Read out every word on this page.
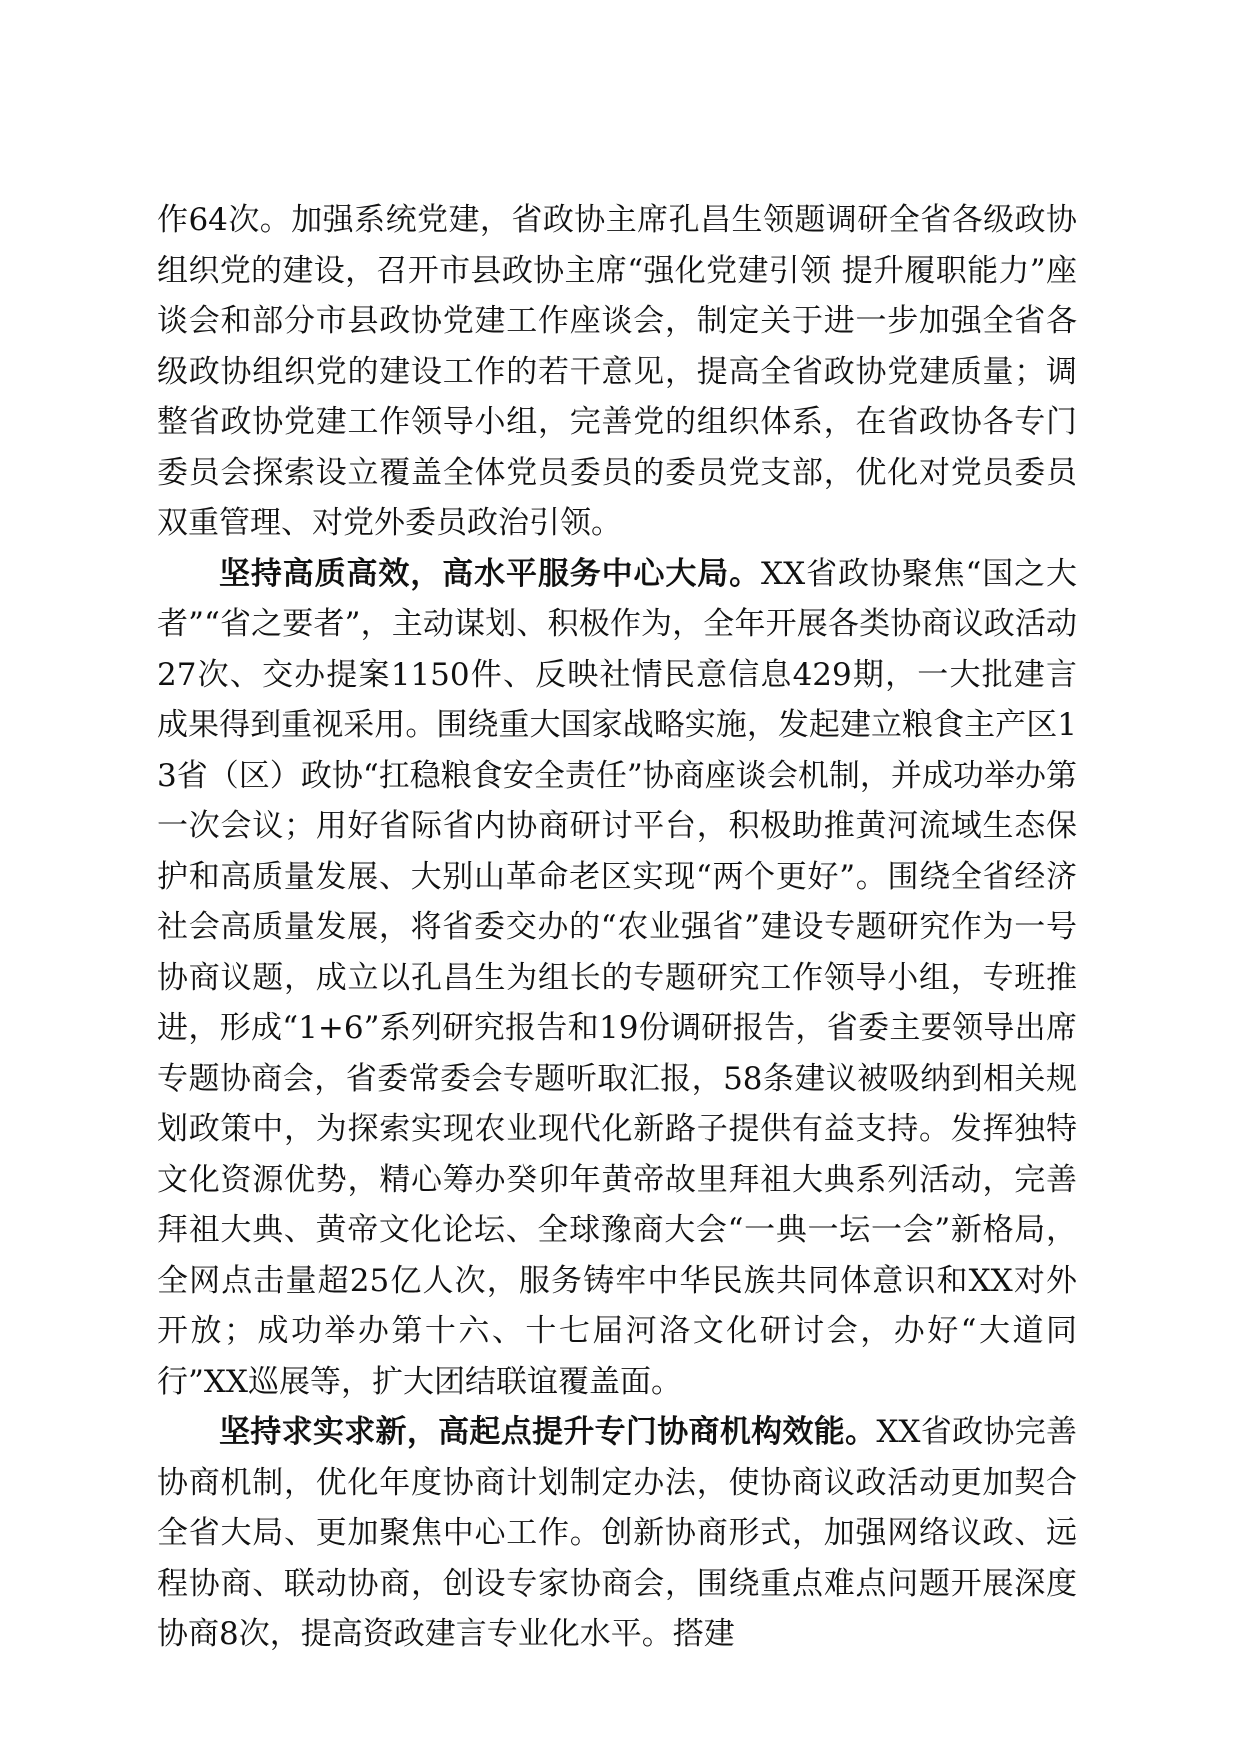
作64次。加强系统党建，省政协主席孔昌生领题调研全省各级政协组织党的建设，召开市县政协主席“强化党建引领 提升履职能力”座谈会和部分市县政协党建工作座谈会，制定关于进一步加强全省各级政协组织党的建设工作的若干意见，提高全省政协党建质量；调整省政协党建工作领导小组，完善党的组织体系，在省政协各专门委员会探索设立覆盖全体党员委员的委员党支部，优化对党员委员双重管理、对党外委员政治引领。

坚持高质高效，高水平服务中心大局。XX省政协聚焦“国之大者”“省之要者”，主动谋划、积极作为，全年开展各类协商议政活动27次、交办提案1150件、反映社情民意信息429期，一大批建言成果得到重视采用。围绕重大国家战略实施，发起建立粮食主产区13省（区）政协“扛稳粮食安全责任”协商座谈会机制，并成功举办第一次会议；用好省际省内协商研讨平台，积极助推黄河流域生态保护和高质量发展、大别山革命老区实现“两个更好”。围绕全省经济社会高质量发展，将省委交办的“农业强省”建设专题研究作为一号协商议题，成立以孔昌生为组长的专题研究工作领导小组，专班推进，形成“1+6”系列研究报告和19份调研报告，省委主要领导出席专题协商会，省委常委会专题听取汇报，58条建议被吸纳到相关规划政策中，为探索实现农业现代化新路子提供有益支持。发挥独特文化资源优势，精心筹办癸卯年黄帝故里拜祖大典系列活动，完善拜祖大典、黄帝文化论坛、全球豫商大会“一典一坛一会”新格局，全网点击量超25亿人次，服务铸牢中华民族共同体意识和XX对外开放；成功举办第十六、十七届河洛文化研讨会，办好“大道同行”XX巡展等，扩大团结联谊覆盖面。

坚持求实求新，高起点提升专门协商机构效能。XX省政协完善协商机制，优化年度协商计划制定办法，使协商议政活动更加契合全省大局、更加聚焦中心工作。创新协商形式，加强网络议政、远程协商、联动协商，创设专家协商会，围绕重点难点问题开展深度协商8次，提高资政建言专业化水平。搭建
